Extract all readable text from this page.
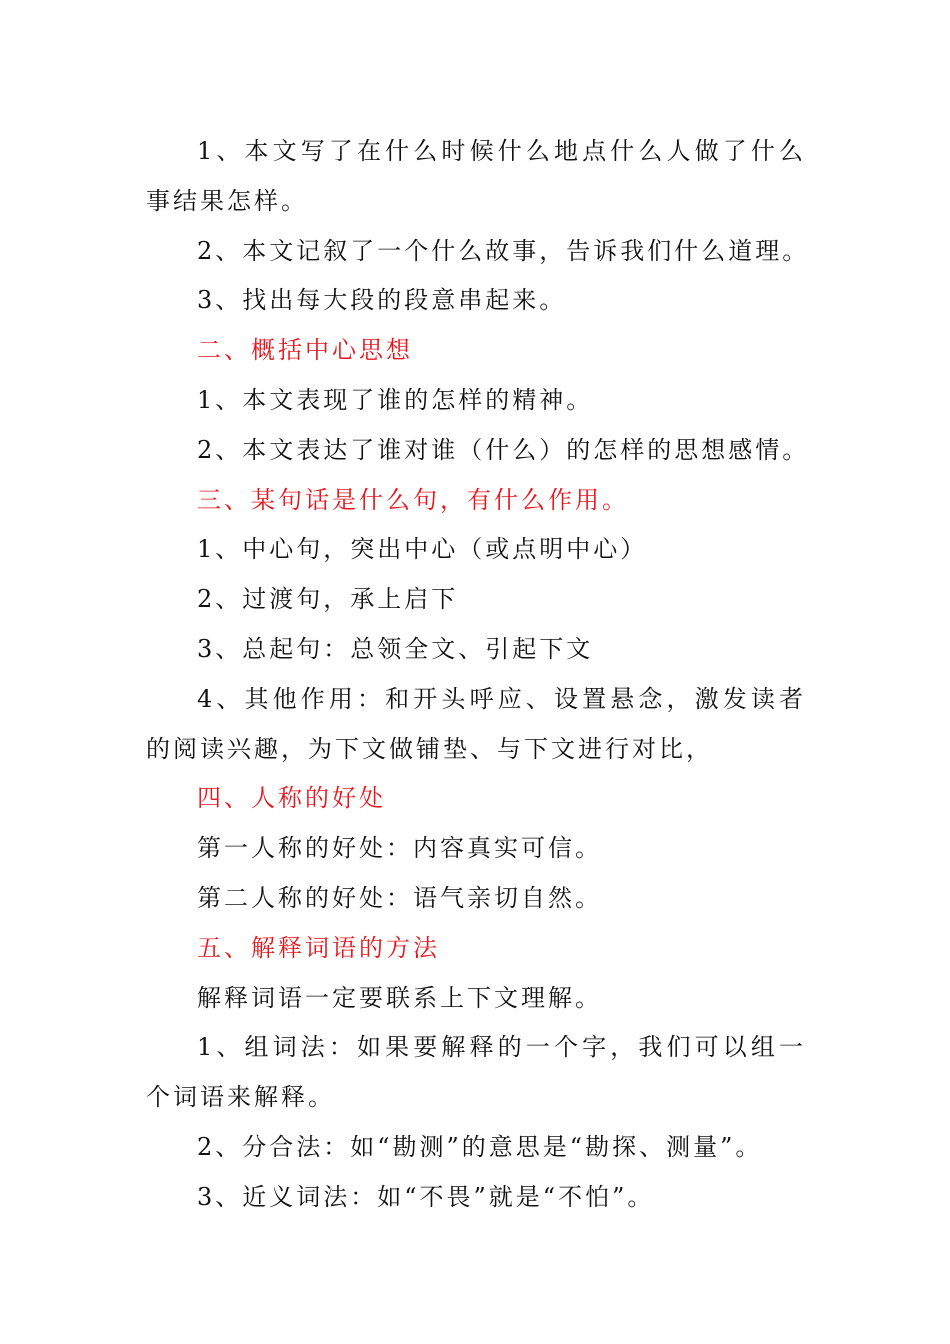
1、本文写了在什么时候什么地点什么人做了什么事结果怎样。

2、本文记叙了一个什么故事，告诉我们什么道理。

3、找出每大段的段意串起来。

二、概括中心思想

1、本文表现了谁的怎样的精神。

2、本文表达了谁对谁（什么）的怎样的思想感情。

三、某句话是什么句，有什么作用。

1、中心句，突出中心（或点明中心）

2、过渡句，承上启下

3、总起句：总领全文、引起下文

4、其他作用：和开头呼应、设置悬念，激发读者的阅读兴趣，为下文做铺垫、与下文进行对比，

四、人称的好处

第一人称的好处：内容真实可信。

第二人称的好处：语气亲切自然。

五、解释词语的方法

解释词语一定要联系上下文理解。

1、组词法：如果要解释的一个字，我们可以组一个词语来解释。

2、分合法：如“勘测”的意思是“勘探、测量”。

3、近义词法：如“不畏”就是“不怕”。
